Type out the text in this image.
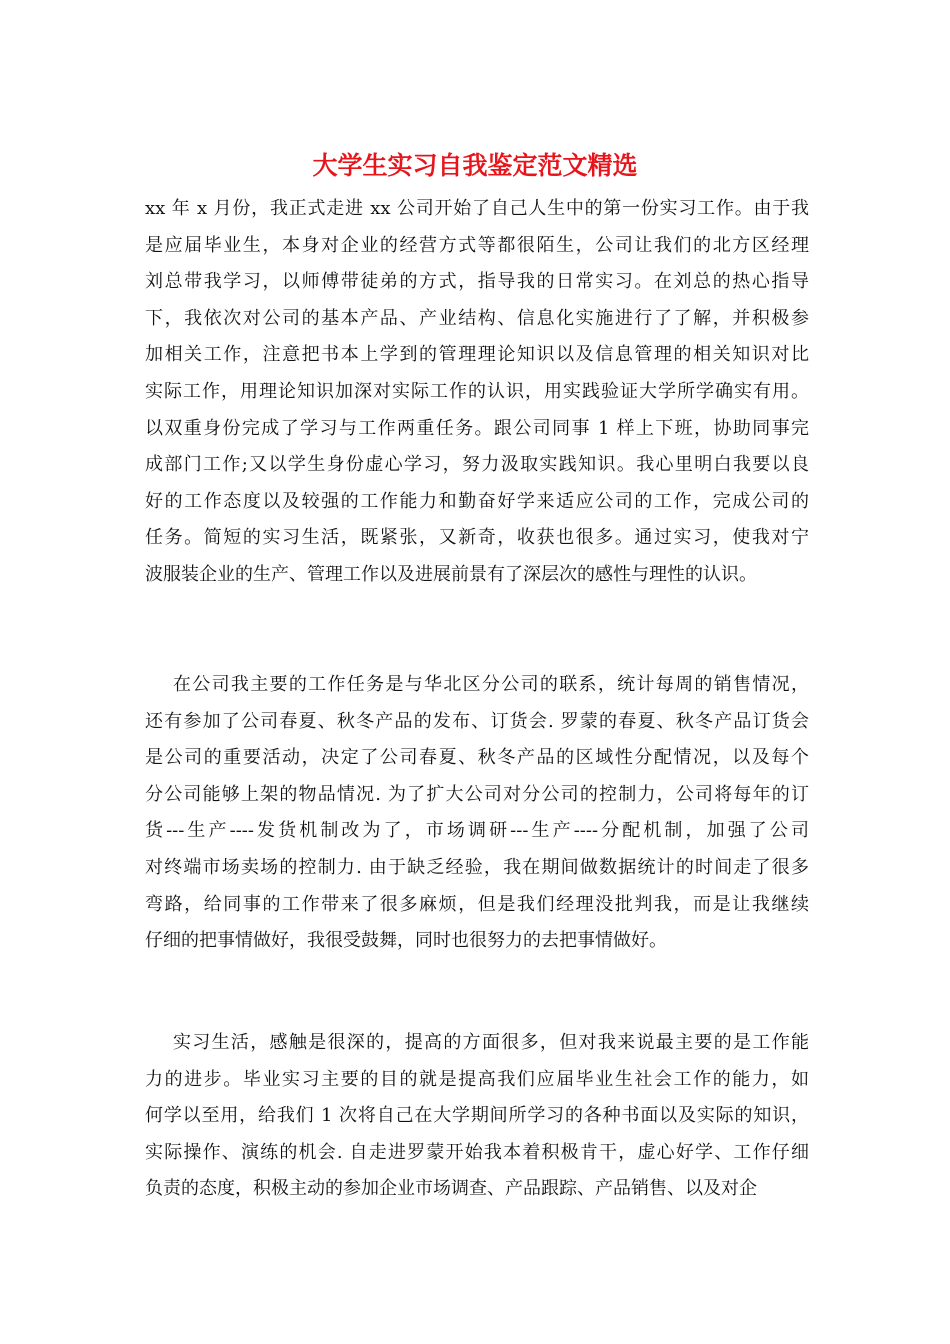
大学生实习自我鉴定范文精选
xx 年 x 月份，我正式走进 xx 公司开始了自己人生中的第一份实习工作。由于我
是应届毕业生，本身对企业的经营方式等都很陌生，公司让我们的北方区经理
刘总带我学习，以师傅带徒弟的方式，指导我的日常实习。在刘总的热心指导
下，我依次对公司的基本产品、产业结构、信息化实施进行了了解，并积极参
加相关工作，注意把书本上学到的管理理论知识以及信息管理的相关知识对比
实际工作，用理论知识加深对实际工作的认识，用实践验证大学所学确实有用。
以双重身份完成了学习与工作两重任务。跟公司同事 1 样上下班，协助同事完
成部门工作;又以学生身份虚心学习，努力汲取实践知识。我心里明白我要以良
好的工作态度以及较强的工作能力和勤奋好学来适应公司的工作，完成公司的
任务。简短的实习生活，既紧张，又新奇，收获也很多。通过实习，使我对宁
波服装企业的生产、管理工作以及进展前景有了深层次的感性与理性的认识。
在公司我主要的工作任务是与华北区分公司的联系，统计每周的销售情况，
还有参加了公司春夏、秋冬产品的发布、订货会. 罗蒙的春夏、秋冬产品订货会
是公司的重要活动，决定了公司春夏、秋冬产品的区域性分配情况，以及每个
分公司能够上架的物品情况. 为了扩大公司对分公司的控制力，公司将每年的订
货---生产----发货机制改为了，市场调研---生产----分配机制，加强了公司
对终端市场卖场的控制力. 由于缺乏经验，我在期间做数据统计的时间走了很多
弯路，给同事的工作带来了很多麻烦，但是我们经理没批判我，而是让我继续
仔细的把事情做好，我很受鼓舞，同时也很努力的去把事情做好。
实习生活，感触是很深的，提高的方面很多，但对我来说最主要的是工作能
力的进步。毕业实习主要的目的就是提高我们应届毕业生社会工作的能力，如
何学以至用，给我们 1 次将自己在大学期间所学习的各种书面以及实际的知识，
实际操作、演练的机会. 自走进罗蒙开始我本着积极肯干，虚心好学、工作仔细
负责的态度，积极主动的参加企业市场调查、产品跟踪、产品销售、以及对企
